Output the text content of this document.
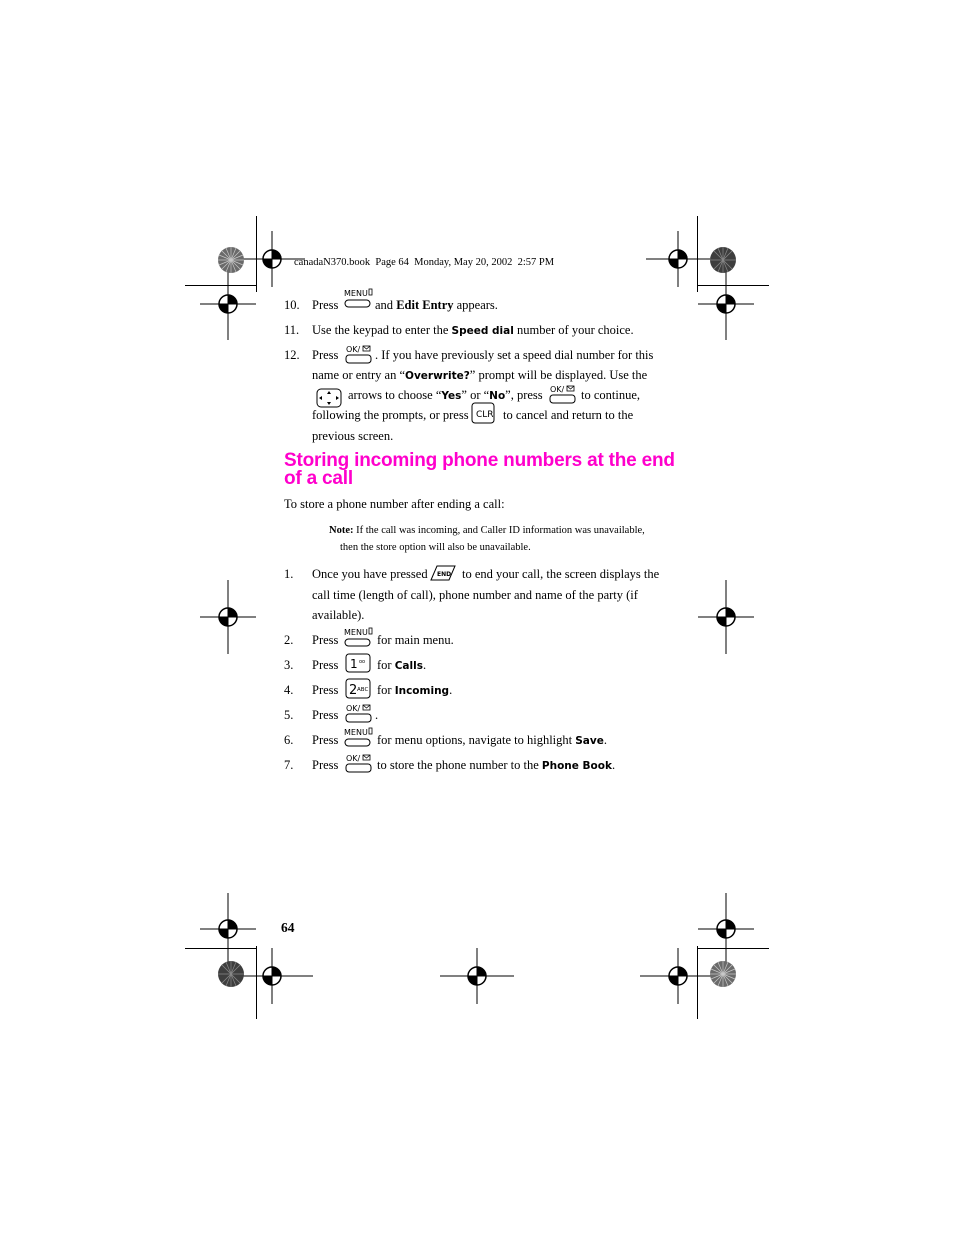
canadaN370.book  Page 64  Monday, May 20, 2002  2:57 PM
10. Press
MENU
and Edit Entry appears.
11. Use the keypad to enter the Speed dial number of your choice.
12. Press OK/ . If you have previously set a speed dial number for this
name or entry an “Overwrite?” prompt will be displayed. Use the
arrows to choose “Yes” or “No”, press OK/ to continue,
following the prompts, or press CLR to cancel and return to the
previous screen.
Storing incoming phone numbers at the end of a call
To store a phone number after ending a call:
Note: If the call was incoming, and Caller ID information was unavailable,
then the store option will also be unavailable.
1. Once you have pressed END to end your call, the screen displays the
call time (length of call), phone number and name of the party (if
available).
2. Press
MENU
for main menu.
3. Press 1 oo for Calls.
4. Press 2 ABC for Incoming.
5. Press OK/ .
6. Press
MENU
for menu options, navigate to highlight Save.
7. Press OK/ to store the phone number to the Phone Book.
64
